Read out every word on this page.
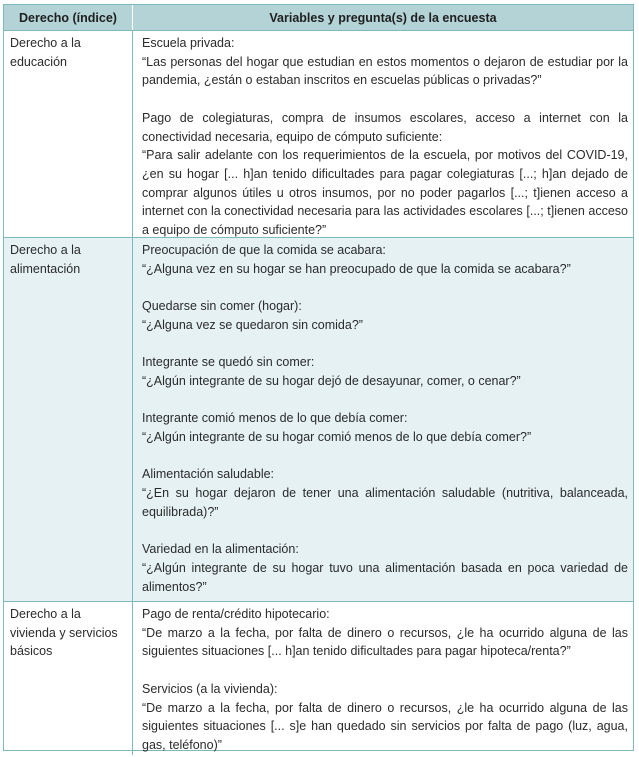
Derecho (índice)	Variables y pregunta(s) de la encuesta
Derecho a la educación
Escuela privada:
“Las personas del hogar que estudian en estos momentos o dejaron de estudiar por la pandemia, ¿están o estaban inscritos en escuelas públicas o privadas?”
Pago de colegiaturas, compra de insumos escolares, acceso a internet con la conectividad necesaria, equipo de cómputo suficiente:
“Para salir adelante con los requerimientos de la escuela, por motivos del COVID-19, ¿en su hogar [... h]an tenido dificultades para pagar colegiaturas [...; h]an dejado de comprar algunos útiles u otros insumos, por no poder pagarlos [...; t]ienen acceso a internet con la conectividad necesaria para las actividades escolares [...; t]ienen acceso a equipo de cómputo suficiente?”
Derecho a la alimentación
Preocupación de que la comida se acabara:
“¿Alguna vez en su hogar se han preocupado de que la comida se acabara?”
Quedarse sin comer (hogar):
“¿Alguna vez se quedaron sin comida?”
Integrante se quedó sin comer:
“¿Algún integrante de su hogar dejó de desayunar, comer, o cenar?”
Integrante comió menos de lo que debía comer:
“¿Algún integrante de su hogar comió menos de lo que debía comer?”
Alimentación saludable:
“¿En su hogar dejaron de tener una alimentación saludable (nutritiva, balanceada, equilibrada)?”
Variedad en la alimentación:
“¿Algún integrante de su hogar tuvo una alimentación basada en poca variedad de alimentos?”
Derecho a la vivienda y servicios básicos
Pago de renta/crédito hipotecario:
“De marzo a la fecha, por falta de dinero o recursos, ¿le ha ocurrido alguna de las siguientes situaciones [... h]an tenido dificultades para pagar hipoteca/renta?”
Servicios (a la vivienda):
“De marzo a la fecha, por falta de dinero o recursos, ¿le ha ocurrido alguna de las siguientes situaciones [... s]e han quedado sin servicios por falta de pago (luz, agua, gas, teléfono)”
